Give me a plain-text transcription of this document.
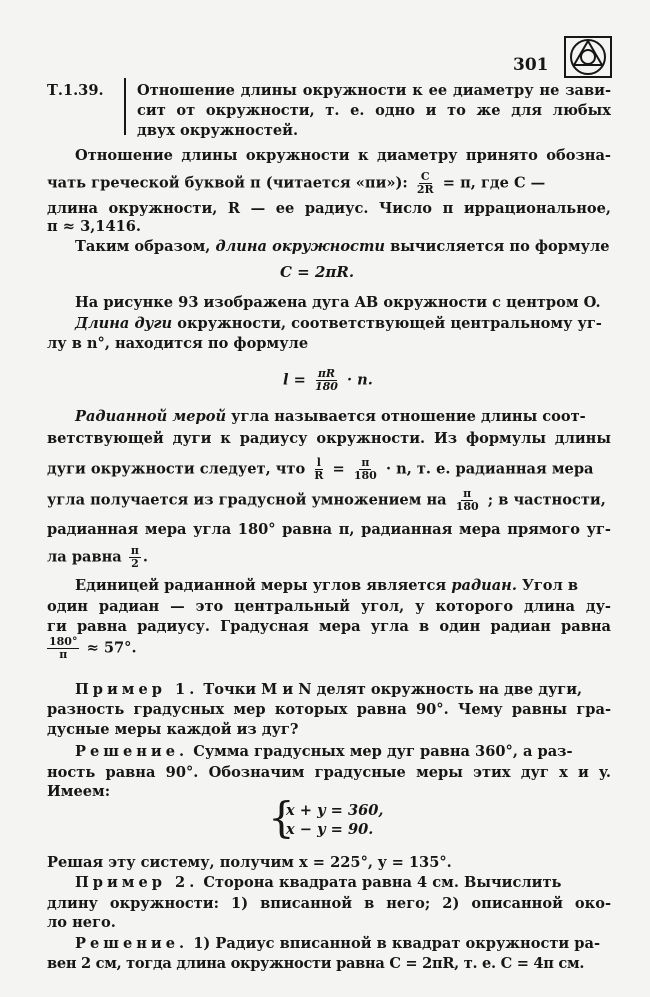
301
Т.1.39. Отношение длины окружности к ее диаметру не зави-
сит от окружности, т. е. одно и то же для любых
двух окружностей.
Отношение длины окружности к диаметру принято обозна-
чать греческой буквой π (читается «пи»): $\frac{C}{2R} = \pi$, где C —
длина окружности, R — ее радиус. Число π иррациональное,
π ≈ 3,1416.
Таким образом, длина окружности вычисляется по формуле
C = 2πR.
На рисунке 93 изображена дуга AB окружности с центром O.
Длина дуги окружности, соответствующей центральному уг-
лу в n°, находится по формуле
$l = \frac{\pi R}{180} \cdot n$.
Радианной мерой угла называется отношение длины соот-
ветствующей дуги к радиусу окружности. Из формулы длины
дуги окружности следует, что $\frac{l}{R} = \frac{\pi}{180} \cdot n$, т. е. радианная мера
угла получается из градусной умножением на $\frac{\pi}{180}$ ; в частности,
радианная мера угла 180° равна π, радианная мера прямого уг-
ла равна $\frac{\pi}{2}$ .
Единицей радианной меры углов является радиан. Угол в
один радиан — это центральный угол, у которого длина ду-
ги равна радиусу. Градусная мера угла в один радиан равна
$\frac{180^\circ}{\pi} \approx 57^\circ$.
Пример 1. Точки M и N делят окружность на две дуги,
разность градусных мер которых равна 90°. Чему равны гра-
дусные меры каждой из дуг?
Решение. Сумма градусных мер дуг равна 360°, а раз-
ность равна 90°. Обозначим градусные меры этих дуг x и y.
Имеем:
{
x + y = 360,
x − y = 90.
Решая эту систему, получим x = 225°, y = 135°.
Пример 2. Сторона квадрата равна 4 см. Вычислить
длину окружности: 1) вписанной в него; 2) описанной око-
ло него.
Решение. 1) Радиус вписанной в квадрат окружности ра-
вен 2 см, тогда длина окружности равна C = 2πR, т. е. C = 4π см.
